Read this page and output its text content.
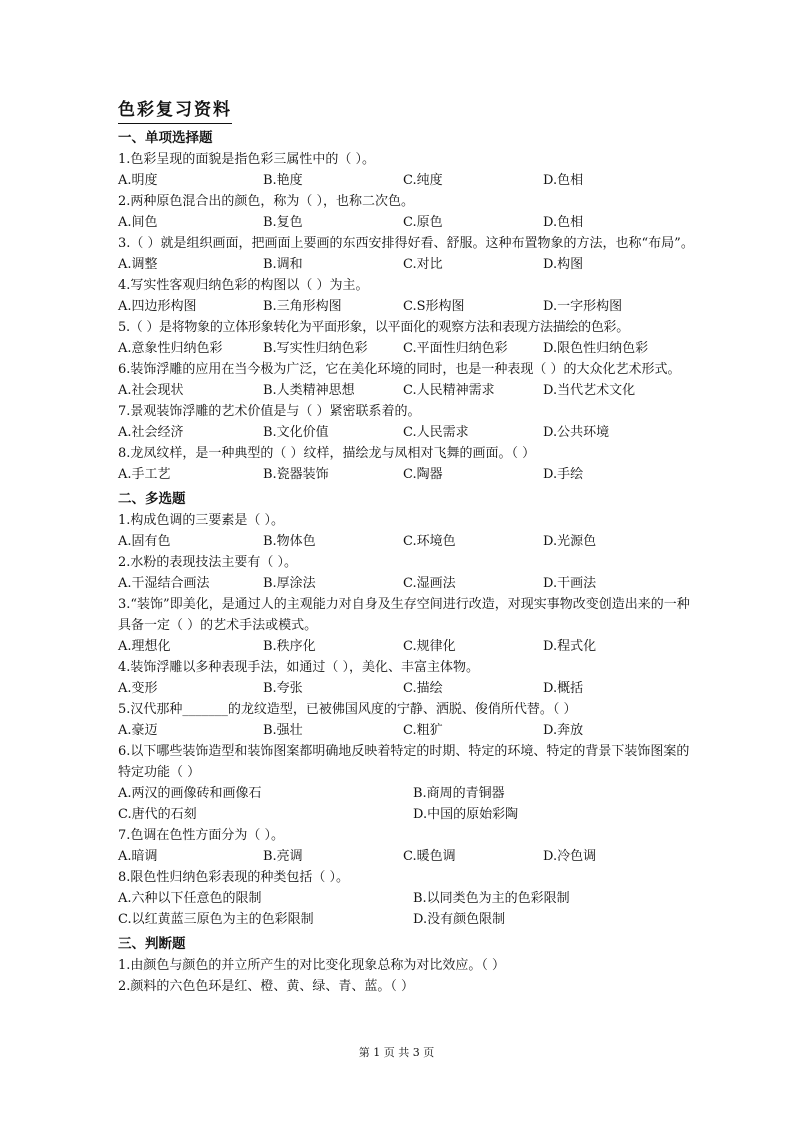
色彩复习资料
一、单项选择题
1.色彩呈现的面貌是指色彩三属性中的（ ）。
A.明度	B.艳度	C.纯度	D.色相
2.两种原色混合出的颜色，称为（ ），也称二次色。
A.间色	B.复色	C.原色	D.色相
3.（ ）就是组织画面，把画面上要画的东西安排得好看、舒服。这种布置物象的方法，也称“布局”。
A.调整	B.调和	C.对比	D.构图
4.写实性客观归纳色彩的构图以（ ）为主。
A.四边形构图	B.三角形构图	C.S形构图	D.一字形构图
5.（ ）是将物象的立体形象转化为平面形象，以平面化的观察方法和表现方法描绘的色彩。
A.意象性归纳色彩	B.写实性归纳色彩	C.平面性归纳色彩	D.限色性归纳色彩
6.装饰浮雕的应用在当今极为广泛，它在美化环境的同时，也是一种表现（ ）的大众化艺术形式。
A.社会现状	B.人类精神思想	C.人民精神需求	D.当代艺术文化
7.景观装饰浮雕的艺术价值是与（ ）紧密联系着的。
A.社会经济	B.文化价值	C.人民需求	D.公共环境
8.龙凤纹样，是一种典型的（ ）纹样，描绘龙与凤相对飞舞的画面。（ ）
A.手工艺	B.瓷器装饰	C.陶器	D.手绘
二、多选题
1.构成色调的三要素是（ ）。
A.固有色	B.物体色	C.环境色	D.光源色
2.水粉的表现技法主要有（ ）。
A.干湿结合画法	B.厚涂法	C.湿画法	D.干画法
3.“装饰”即美化，是通过人的主观能力对自身及生存空间进行改造，对现实事物改变创造出来的一种具备一定（ ）的艺术手法或模式。
A.理想化	B.秩序化	C.规律化	D.程式化
4.装饰浮雕以多种表现手法，如通过（ ），美化、丰富主体物。
A.变形	B.夸张	C.描绘	D.概括
5.汉代那种_______的龙纹造型，已被佛国风度的宁静、洒脱、俊俏所代替。（ ）
A.豪迈	B.强壮	C.粗犷	D.奔放
6.以下哪些装饰造型和装饰图案都明确地反映着特定的时期、特定的环境、特定的背景下装饰图案的特定功能（ ）
A.两汉的画像砖和画像石	B.商周的青铜器
C.唐代的石刻	D.中国的原始彩陶
7.色调在色性方面分为（ ）。
A.暗调	B.亮调	C.暖色调	D.冷色调
8.限色性归纳色彩表现的种类包括（ ）。
A.六种以下任意色的限制	B.以同类色为主的色彩限制
C.以红黄蓝三原色为主的色彩限制	D.没有颜色限制
三、判断题
1.由颜色与颜色的并立所产生的对比变化现象总称为对比效应。（ ）
2.颜料的六色色环是红、橙、黄、绿、青、蓝。（ ）
第 1 页 共 3 页
